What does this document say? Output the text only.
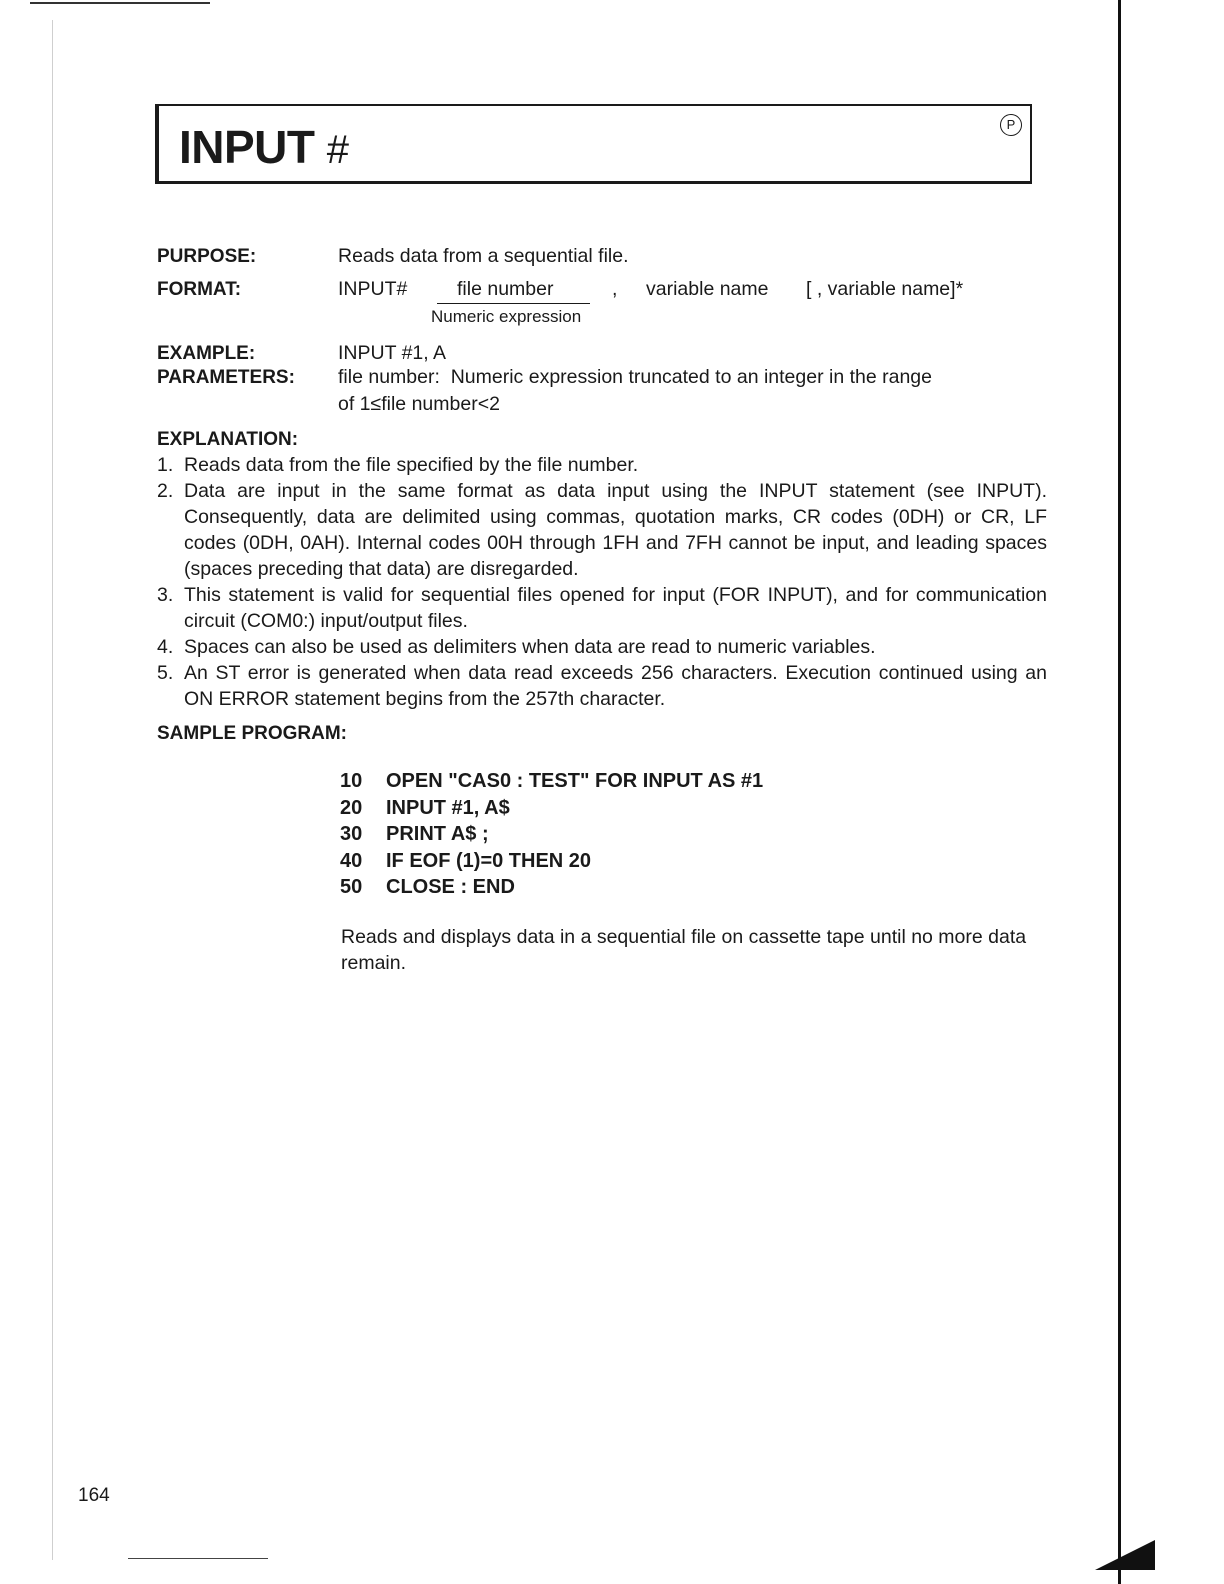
INPUT #
P

PURPOSE:	Reads data from a sequential file.

FORMAT:	INPUT#	file number	, variable name [ , variable name]*
Numeric expression

EXAMPLE:	INPUT #1, A

PARAMETERS: file number:  Numeric expression truncated to an integer in the range

of 1≤file number<2

EXPLANATION:

1. Reads data from the file specified by the file number.
2. Data are input in the same format as data input using the INPUT statement (see INPUT). Consequently, data are delimited using commas, quotation marks, CR codes (0DH) or CR, LF codes (0DH, 0AH). Internal codes 00H through 1FH and 7FH cannot be input, and leading spaces (spaces preceding that data) are disregarded.
3. This statement is valid for sequential files opened for input (FOR INPUT), and for communication circuit (COM0:) input/output files.
4. Spaces can also be used as delimiters when data are read to numeric variables.
5. An ST error is generated when data read exceeds 256 characters. Execution continued using an ON ERROR statement begins from the 257th character.

SAMPLE PROGRAM:

10 OPEN "CAS0 : TEST" FOR INPUT AS #1
20 INPUT #1, A$
30 PRINT A$ ;
40 IF EOF (1)=0 THEN 20
50 CLOSE : END

Reads and displays data in a sequential file on cassette tape until no more data remain.

164
